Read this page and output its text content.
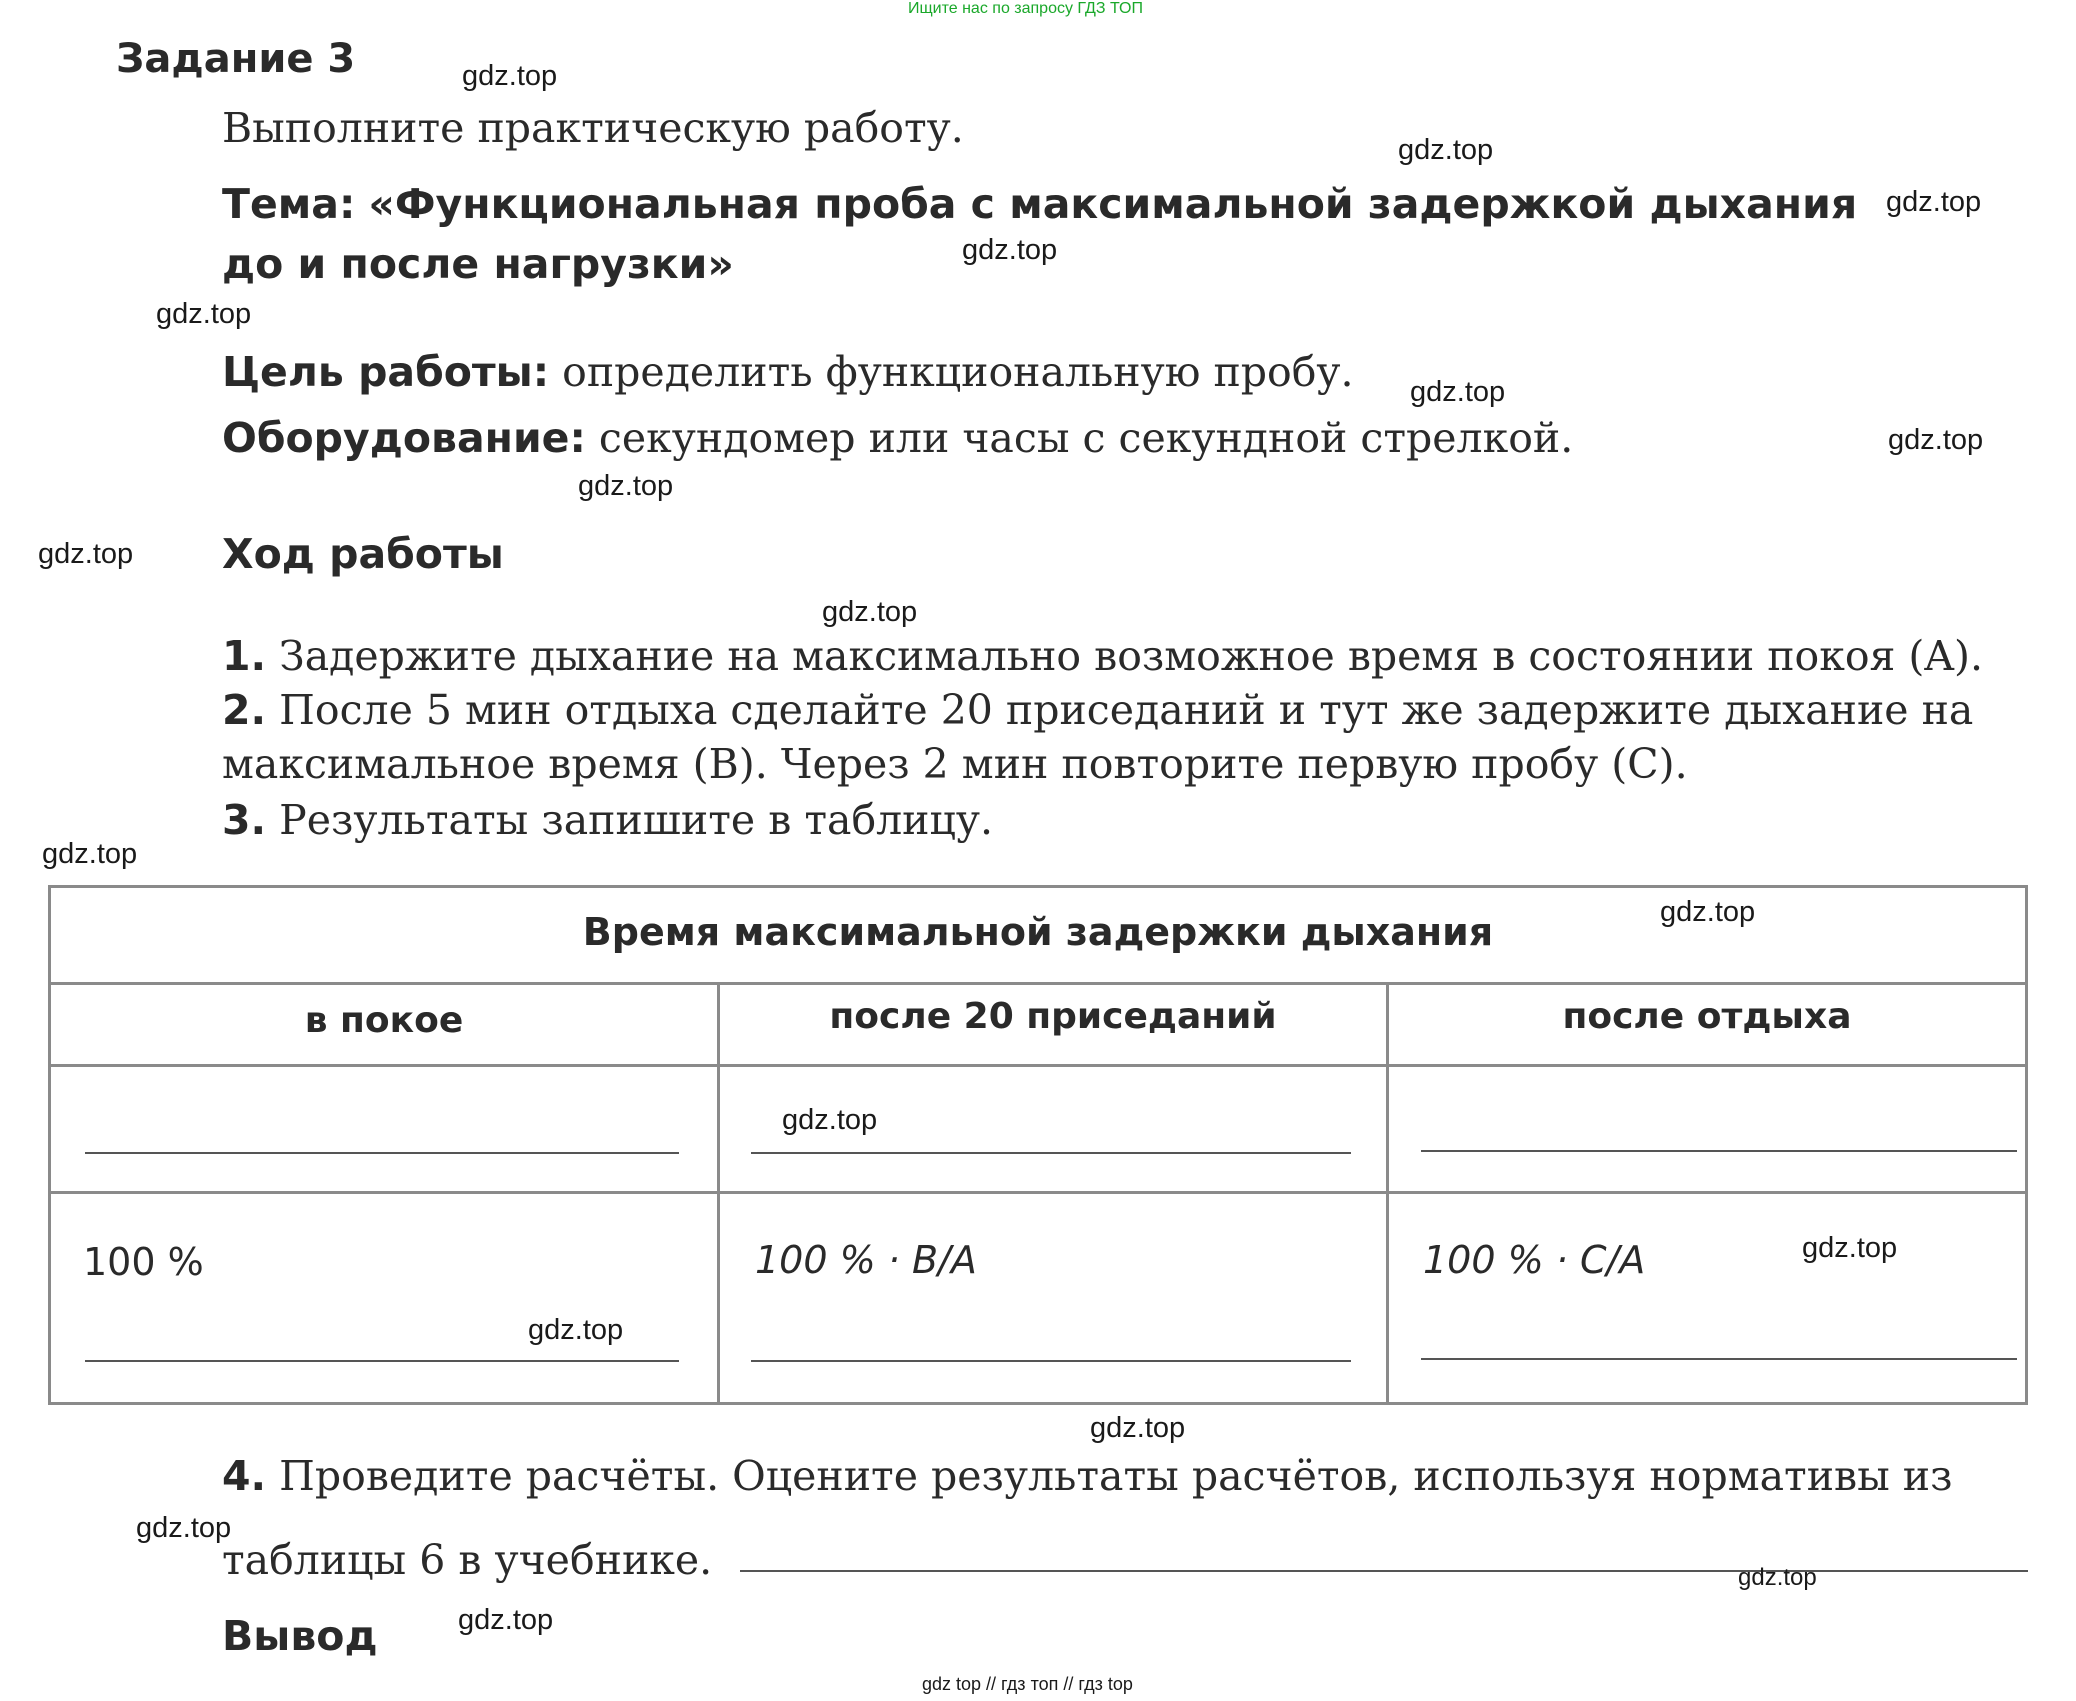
Ищите нас по запросу ГДЗ ТОП
gdz top // гдз топ // гдз top
Задание 3
Выполните практическую работу.
Тема: «Функциональная проба с максимальной задержкой дыхания
до и после нагрузки»
Цель работы: определить функциональную пробу.
Оборудование: секундомер или часы с секундной стрелкой.
Ход работы
1. Задержите дыхание на максимально возможное время в состоянии покоя (A).
2. После 5 мин отдыха сделайте 20 приседаний и тут же задержите дыхание на
максимальное время (B). Через 2 мин повторите первую пробу (C).
3. Результаты запишите в таблицу.
Время максимальной задержки дыхания
в покое	после 20 приседаний	после отдыха
100 %	100 % · B/A	100 % · C/A
4. Проведите расчёты. Оцените результаты расчётов, используя нормативы из
таблицы 6 в учебнике.
Вывод
gdz.top
gdz.top
gdz.top
gdz.top
gdz.top
gdz.top
gdz.top
gdz.top
gdz.top
gdz.top
gdz.top
gdz.top
gdz.top
gdz.top
gdz.top
gdz.top
gdz.top
gdz.top
gdz.top
